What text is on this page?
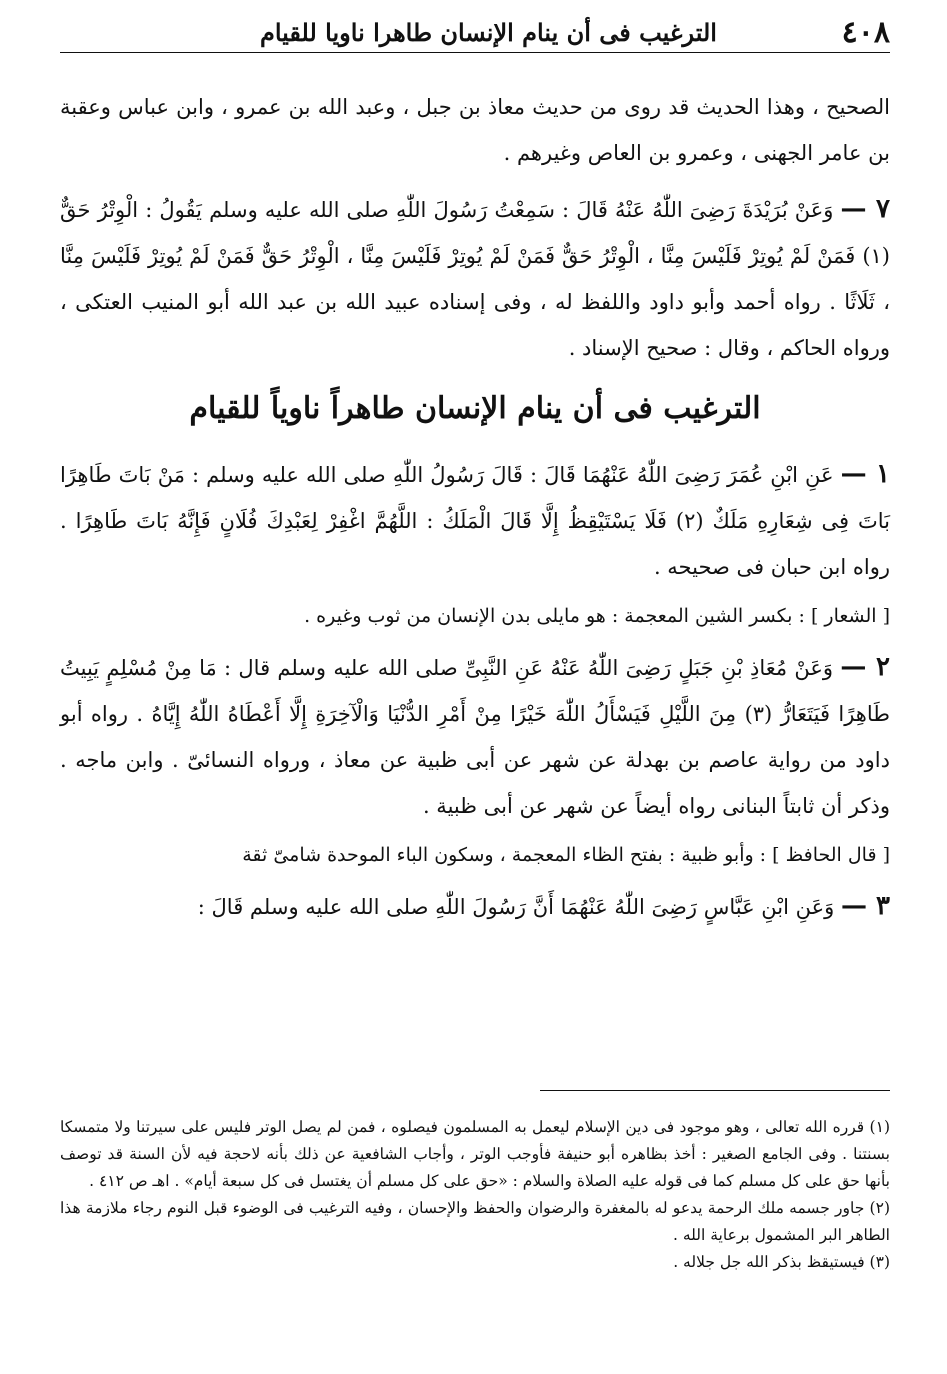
٤٠٨
الترغيب فى أن ينام الإنسان طاهرا ناويا للقيام

الصحيح ، وهذا الحديث قد روى من حديث معاذ بن جبل ، وعبد الله بن عمرو ، وابن عباس وعقبة بن عامر الجهنى ، وعمرو بن العاص وغيرهم .

٧ — وَعَنْ بُرَيْدَةَ رَضِىَ اللّٰهُ عَنْهُ قَالَ : سَمِعْتُ رَسُولَ اللّٰهِ صلى الله عليه وسلم يَقُولُ : الْوِتْرُ حَقٌّ (١) فَمَنْ لَمْ يُوتِرْ فَلَيْسَ مِنَّا ، الْوِتْرُ حَقٌّ فَمَنْ لَمْ يُوتِرْ فَلَيْسَ مِنَّا ، الْوِتْرُ حَقٌّ فَمَنْ لَمْ يُوتِرْ فَلَيْسَ مِنَّا ، ثَلَاثًا . رواه أحمد وأبو داود واللفظ له ، وفى إسناده عبيد الله بن عبد الله أبو المنيب العتكى ، ورواه الحاكم ، وقال : صحيح الإسناد .

الترغيب فى أن ينام الإنسان طاهراً ناوياً للقيام

١ — عَنِ ابْنِ عُمَرَ رَضِىَ اللّٰهُ عَنْهُمَا قَالَ : قَالَ رَسُولُ اللّٰهِ صلى الله عليه وسلم : مَنْ بَاتَ طَاهِرًا بَاتَ فِى شِعَارِهِ مَلَكٌ (٢) فَلَا يَسْتَيْقِظُ إِلَّا قَالَ الْمَلَكُ : اللَّهُمَّ اغْفِرْ لِعَبْدِكَ فُلَانٍ فَإِنَّهُ بَاتَ طَاهِرًا . رواه ابن حبان فى صحيحه .

[ الشعار ] : بكسر الشين المعجمة : هو مايلى بدن الإنسان من ثوب وغيره .

٢ — وَعَنْ مُعَاذِ بْنِ جَبَلٍ رَضِىَ اللّٰهُ عَنْهُ عَنِ النَّبِىِّ صلى الله عليه وسلم قال : مَا مِنْ مُسْلِمٍ يَبِيتُ طَاهِرًا فَيَتَعَارُّ (٣) مِنَ اللَّيْلِ فَيَسْأَلُ اللّٰهَ خَيْرًا مِنْ أَمْرِ الدُّنْيَا وَالْآخِرَةِ إِلَّا أَعْطَاهُ اللّٰهُ إِيَّاهُ . رواه أبو داود من رواية عاصم بن بهدلة عن شهر عن أبى ظبية عن معاذ ، ورواه النسائىّ . وابن ماجه . وذكر أن ثابتاً البنانى رواه أيضاً عن شهر عن أبى ظبية .

[ قال الحافظ ] : وأبو ظبية : بفتح الظاء المعجمة ، وسكون الباء الموحدة شامىّ ثقة

٣ — وَعَنِ ابْنِ عَبَّاسٍ رَضِىَ اللّٰهُ عَنْهُمَا أَنَّ رَسُولَ اللّٰهِ صلى الله عليه وسلم قَالَ :

(١) قرره الله تعالى ، وهو موجود فى دين الإسلام ليعمل به المسلمون فيصلوه ، فمن لم يصل الوتر فليس على سيرتنا ولا متمسكا بسنتنا . وفى الجامع الصغير : أخذ بظاهره أبو حنيفة فأوجب الوتر ، وأجاب الشافعية عن ذلك بأنه لاحجة فيه لأن السنة قد توصف بأنها حق على كل مسلم كما فى قوله عليه الصلاة والسلام : «حق على كل مسلم أن يغتسل فى كل سبعة أيام» . اهـ ص ٤١٢ .

(٢) جاور جسمه ملك الرحمة يدعو له بالمغفرة والرضوان والحفظ والإحسان ، وفيه الترغيب فى الوضوء قبل النوم رجاء ملازمة هذا الطاهر البر المشمول برعاية الله .

(٣) فيستيقظ بذكر الله جل جلاله .
